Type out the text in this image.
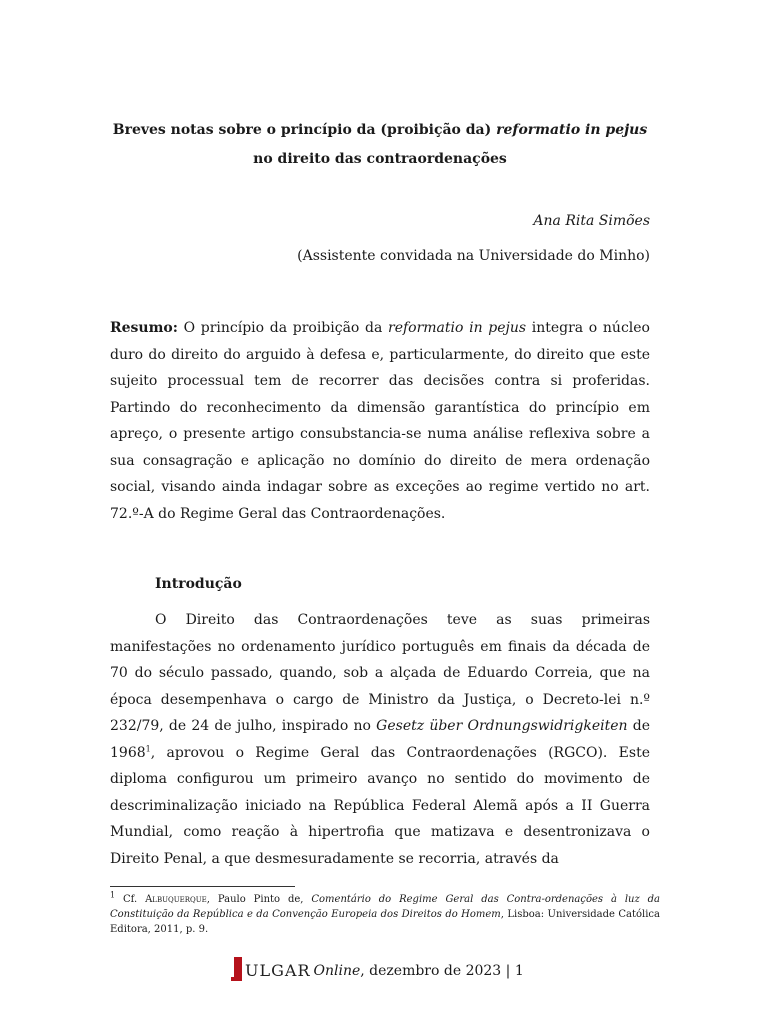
Breves notas sobre o princípio da (proibição da) reformatio in pejus no direito das contraordenações
Ana Rita Simões
(Assistente convidada na Universidade do Minho)

Resumo: O princípio da proibição da reformatio in pejus integra o núcleo duro do direito do arguido à defesa e, particularmente, do direito que este sujeito processual tem de recorrer das decisões contra si proferidas. Partindo do reconhecimento da dimensão garantística do princípio em apreço, o presente artigo consubstancia-se numa análise reflexiva sobre a sua consagração e aplicação no domínio do direito de mera ordenação social, visando ainda indagar sobre as exceções ao regime vertido no art. 72.º-A do Regime Geral das Contraordenações.

Introdução

O Direito das Contraordenações teve as suas primeiras manifestações no ordenamento jurídico português em finais da década de 70 do século passado, quando, sob a alçada de Eduardo Correia, que na época desempenhava o cargo de Ministro da Justiça, o Decreto-lei n.º 232/79, de 24 de julho, inspirado no Gesetz über Ordnungswidrigkeiten de 1968$^1$, aprovou o Regime Geral das Contraordenações (RGCO). Este diploma configurou um primeiro avanço no sentido do movimento de descriminalização iniciado na República Federal Alemã após a II Guerra Mundial, como reação à hipertrofia que matizava e desentronizava o Direito Penal, a que desmesuradamente se recorria, através da

$^1$ Cf. Albuquerque, Paulo Pinto de, Comentário do Regime Geral das Contra-ordenações à luz da Constituição da República e da Convenção Europeia dos Direitos do Homem, Lisboa: Universidade Católica Editora, 2011, p. 9.

ULGAR Online, dezembro de 2023 | 1
